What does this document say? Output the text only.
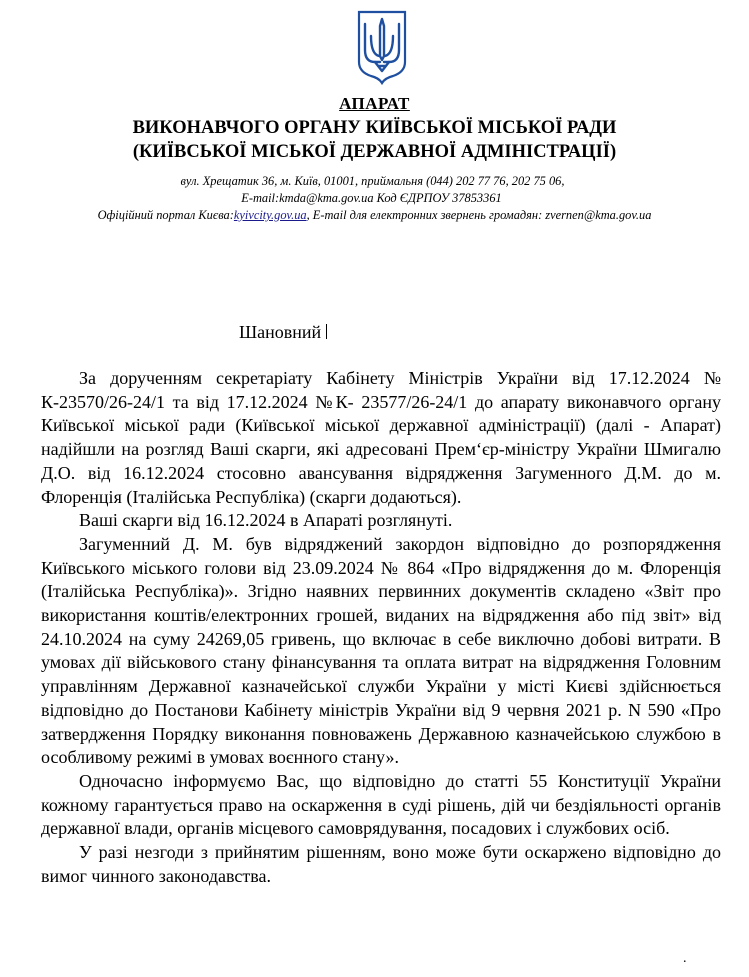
АПАРАТ
ВИКОНАВЧОГО ОРГАНУ КИЇВСЬКОЇ МІСЬКОЇ РАДИ
(КИЇВСЬКОЇ МІСЬКОЇ ДЕРЖАВНОЇ АДМІНІСТРАЦІЇ)
вул. Хрещатик 36, м. Київ, 01001, приймальня (044) 202 77 76, 202 75 06,
E-mail:kmda@kma.gov.ua Код ЄДРПОУ 37853361
Офіційний портал Києва:kyivcity.gov.ua, E-mail для електронних звернень громадян: zvernen@kma.gov.ua
Шановний

За дорученням секретаріату Кабінету Міністрів України від 17.12.2024 № К-23570/26-24/1 та від 17.12.2024 №К- 23577/26-24/1 до апарату виконавчого органу Київської міської ради (Київської міської державної адміністрації) (далі - Апарат) надійшли на розгляд Ваші скарги, які адресовані Прем‘єр-міністру України Шмигалю Д.О. від 16.12.2024 стосовно авансування відрядження Загуменного Д.М. до м. Флоренція (Італійська Республіка) (скарги додаються).

Ваші скарги від 16.12.2024 в Апараті розглянуті.

Загуменний Д. М. був відряджений закордон відповідно до розпорядження Київського міського голови від 23.09.2024 № 864 «Про відрядження до м. Флоренція (Італійська Республіка)». Згідно наявних первинних документів складено «Звіт про використання коштів/електронних грошей, виданих на відрядження або під звіт» від 24.10.2024 на суму 24269,05 гривень, що включає в себе виключно добові витрати. В умовах дії військового стану фінансування та оплата витрат на відрядження Головним управлінням Державної казначейської служби України у місті Києві здійснюється відповідно до Постанови Кабінету міністрів України від 9 червня 2021 р. N 590 «Про затвердження Порядку виконання повноважень Державною казначейською службою в особливому режимі в умовах воєнного стану».

Одночасно інформуємо Вас, що відповідно до статті 55 Конституції України кожному гарантується право на оскарження в суді рішень, дій чи бездіяльності органів державної влади, органів місцевого самоврядування, посадових і службових осіб.

У разі незгоди з прийнятим рішенням, воно може бути оскаржено відповідно до вимог чинного законодавства.

.
